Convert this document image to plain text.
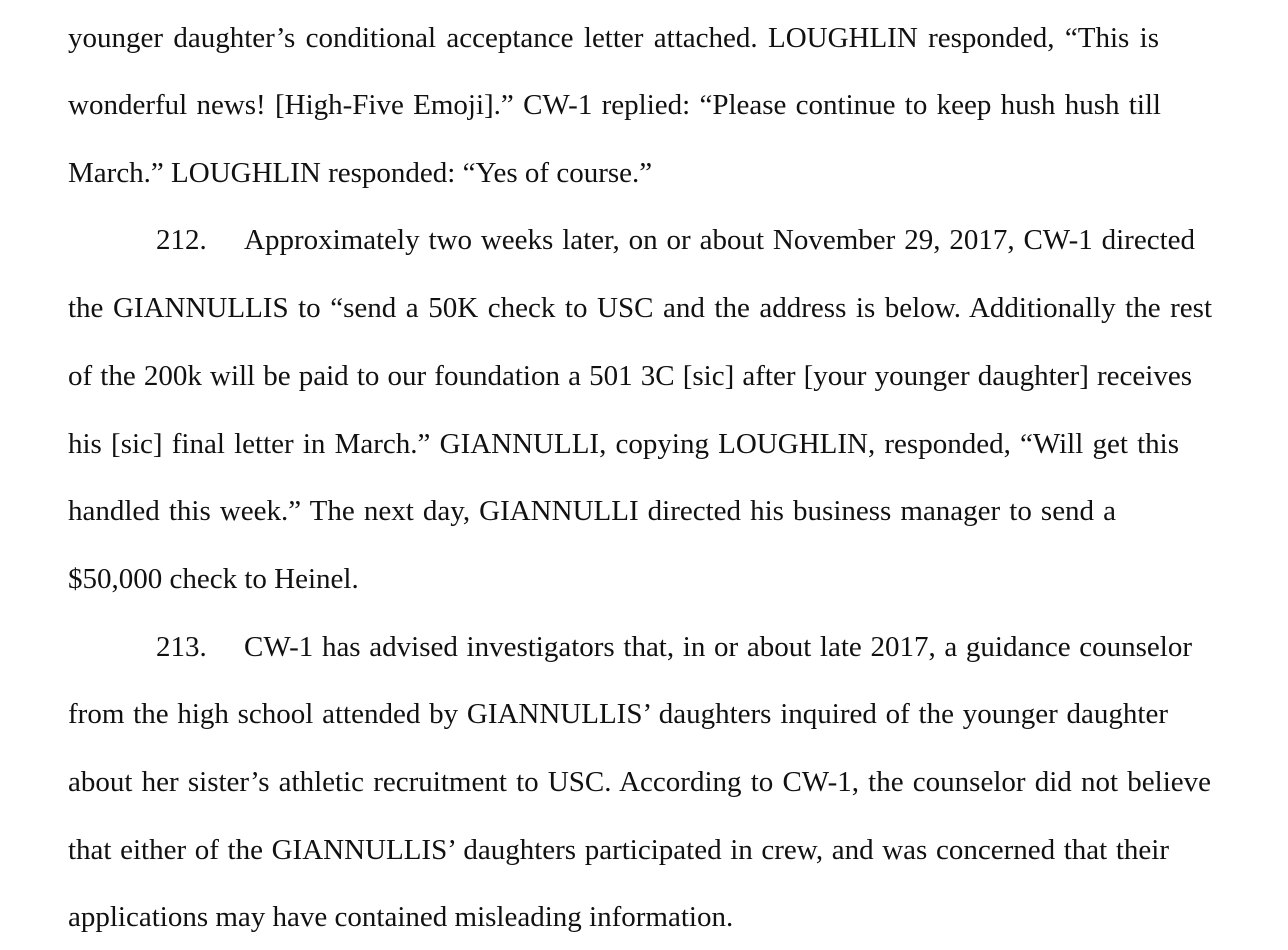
younger daughter’s conditional acceptance letter attached. LOUGHLIN responded, “This is
wonderful news! [High-Five Emoji].” CW-1 replied: “Please continue to keep hush hush till
March.” LOUGHLIN responded: “Yes of course.”
212.	Approximately two weeks later, on or about November 29, 2017, CW-1 directed
the GIANNULLIS to “send a 50K check to USC and the address is below. Additionally the rest
of the 200k will be paid to our foundation a 501 3C [sic] after [your younger daughter] receives
his [sic] final letter in March.” GIANNULLI, copying LOUGHLIN, responded, “Will get this
handled this week.” The next day, GIANNULLI directed his business manager to send a
$50,000 check to Heinel.
213.	CW-1 has advised investigators that, in or about late 2017, a guidance counselor
from the high school attended by GIANNULLIS’ daughters inquired of the younger daughter
about her sister’s athletic recruitment to USC. According to CW-1, the counselor did not believe
that either of the GIANNULLIS’ daughters participated in crew, and was concerned that their
applications may have contained misleading information.
